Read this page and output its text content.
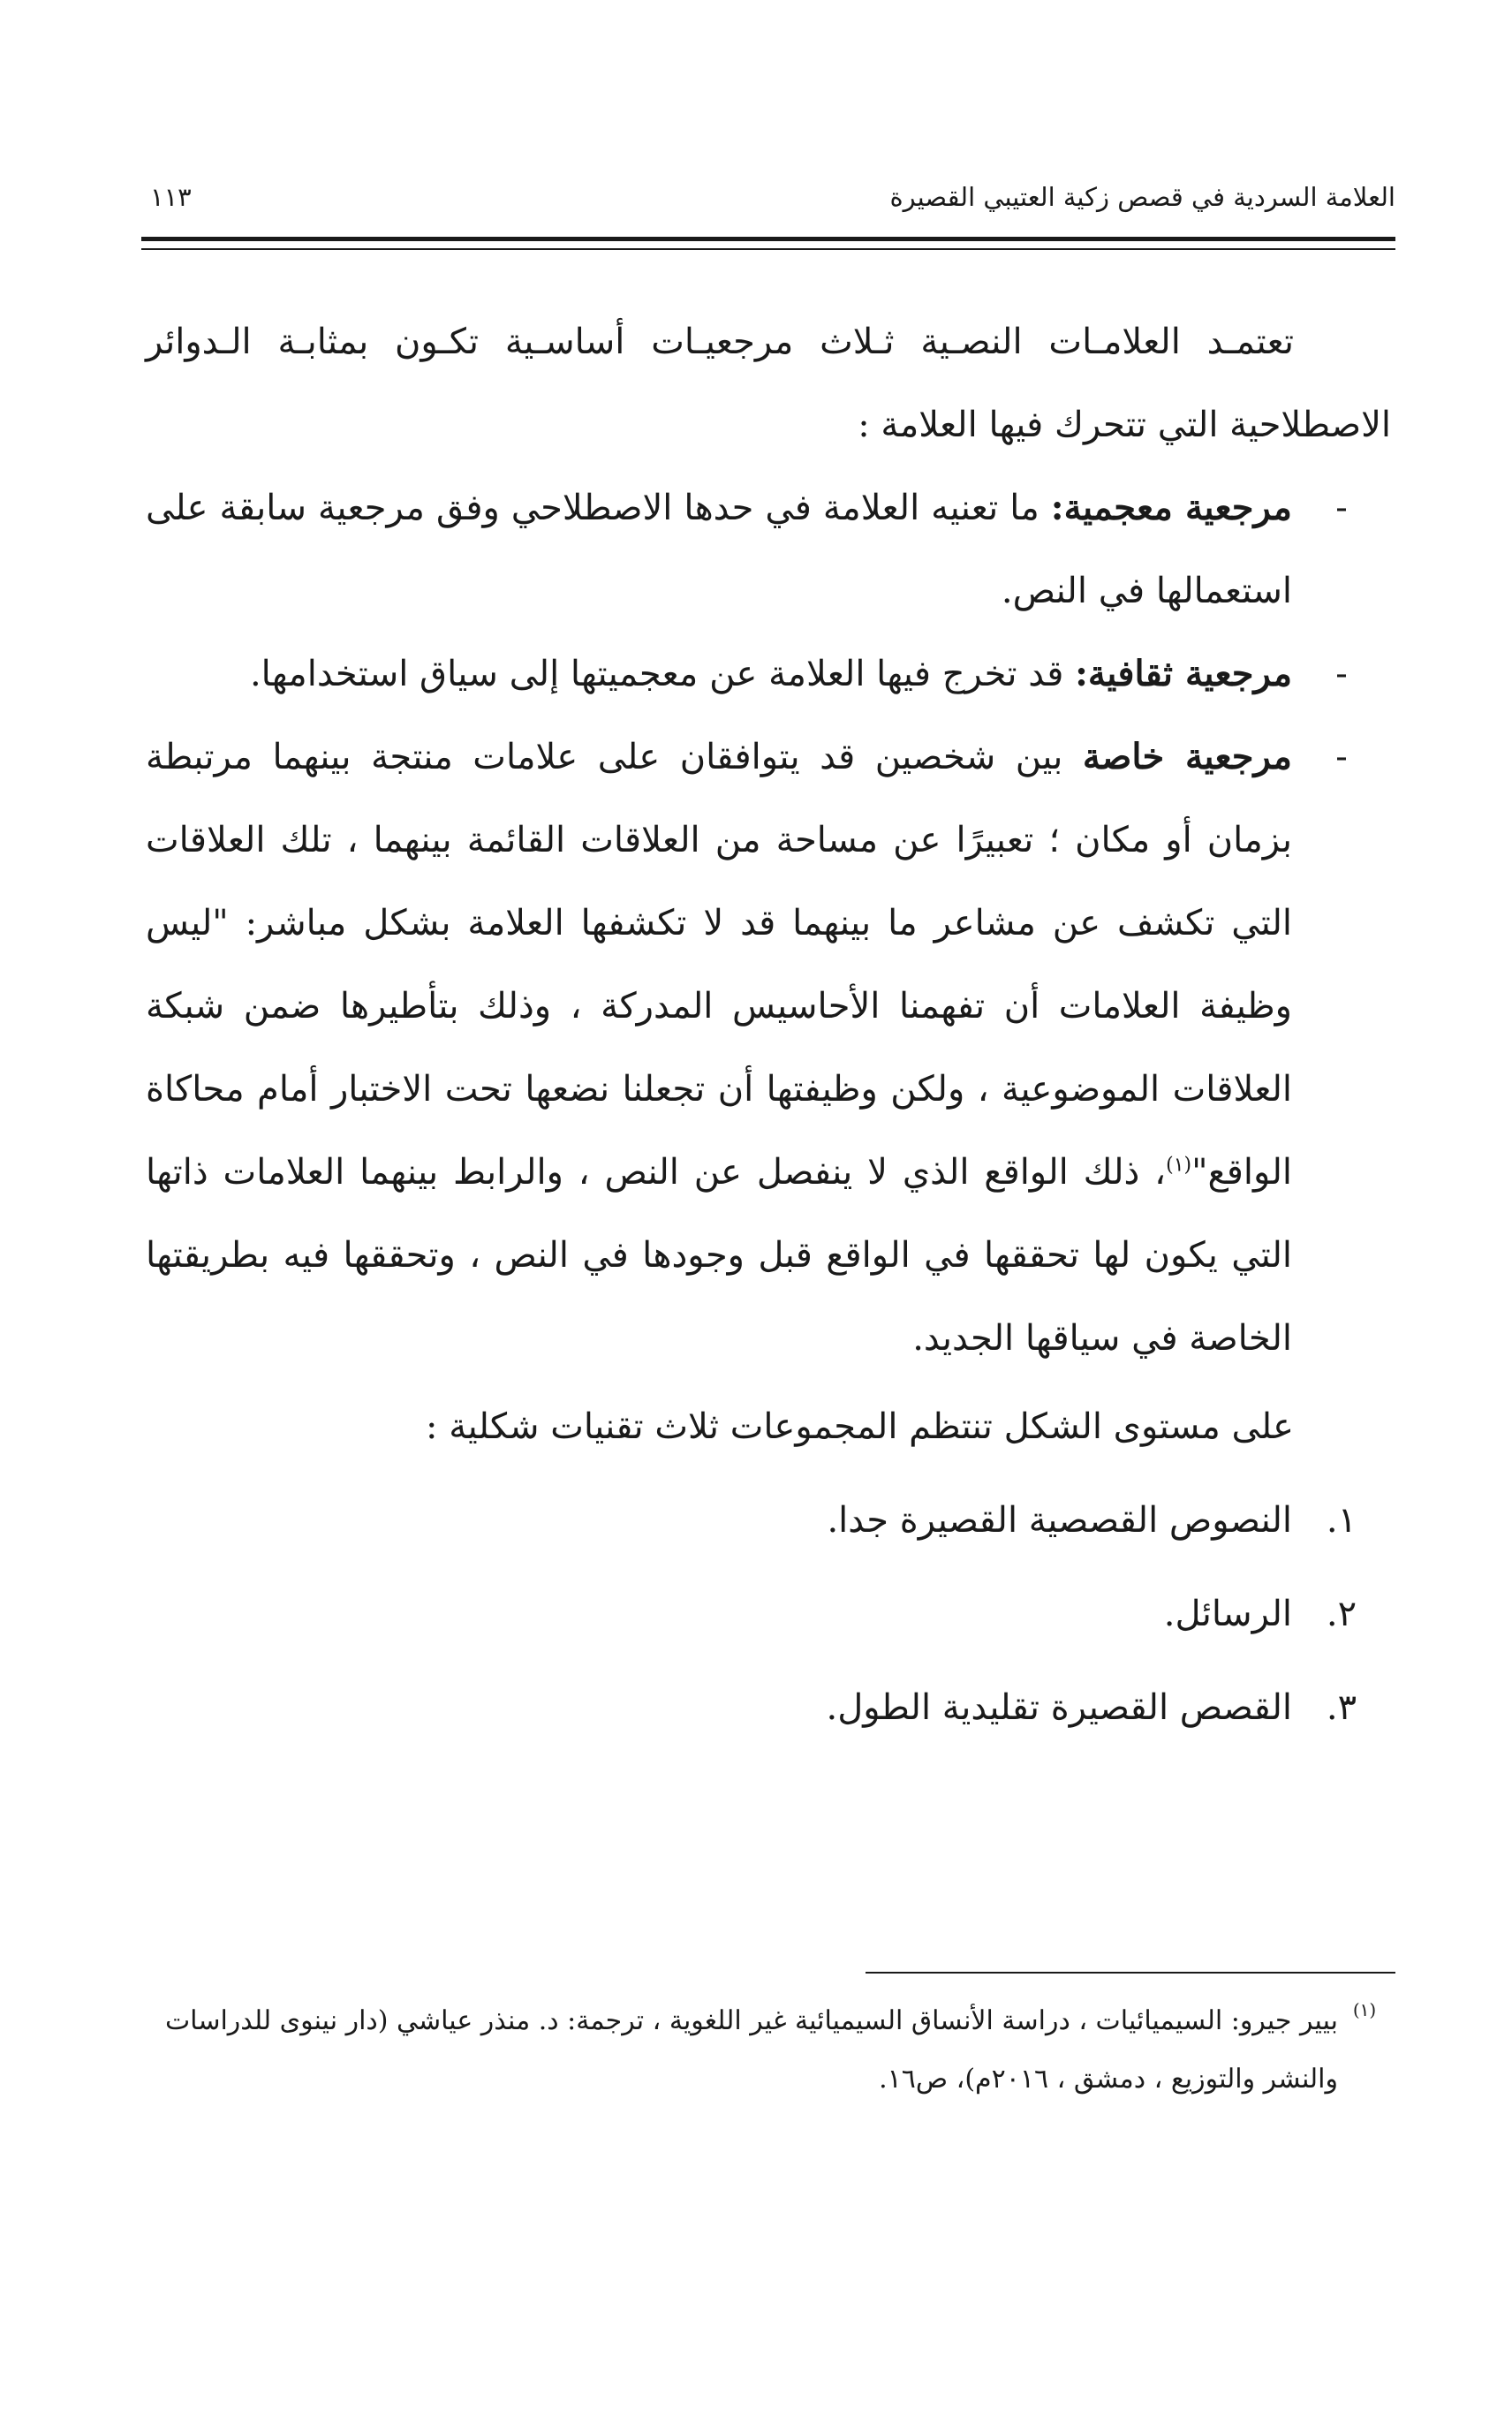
العلامة السردية في قصص زكية العتيبي القصيرة
١١٣

تعتمـد العلامـات النصـية ثـلاث مرجعيـات أساسـية تكـون بمثابـة الـدوائر الاصطلاحية التي تتحرك فيها العلامة :

-
مرجعية معجمية: ما تعنيه العلامة في حدها الاصطلاحي وفق مرجعية سابقة على استعمالها في النص.
-
مرجعية ثقافية: قد تخرج فيها العلامة عن معجميتها إلى سياق استخدامها.
-
مرجعية خاصة بين شخصين قد يتوافقان على علامات منتجة بينهما مرتبطة بزمان أو مكان ؛ تعبيرًا عن مساحة من العلاقات القائمة بينهما ، تلك العلاقات التي تكشف عن مشاعر ما بينهما قد لا تكشفها العلامة بشكل مباشر: "ليس وظيفة العلامات أن تفهمنا الأحاسيس المدركة ، وذلك بتأطيرها ضمن شبكة العلاقات الموضوعية ، ولكن وظيفتها أن تجعلنا نضعها تحت الاختبار أمام محاكاة الواقع"$^{(١)}$، ذلك الواقع الذي لا ينفصل عن النص ، والرابط بينهما العلامات ذاتها التي يكون لها تحققها في الواقع قبل وجودها في النص ، وتحققها فيه بطريقتها الخاصة في سياقها الجديد.

على مستوى الشكل تنتظم المجموعات ثلاث تقنيات شكلية :

١.
النصوص القصصية القصيرة جدا.
٢.
الرسائل.
٣.
القصص القصيرة تقليدية الطول.
(١)
بيير جيرو: السيميائيات ، دراسة الأنساق السيميائية غير اللغوية ، ترجمة: د. منذر عياشي (دار نينوى للدراسات والنشر والتوزيع ، دمشق ، ٢٠١٦م)، ص١٦.
